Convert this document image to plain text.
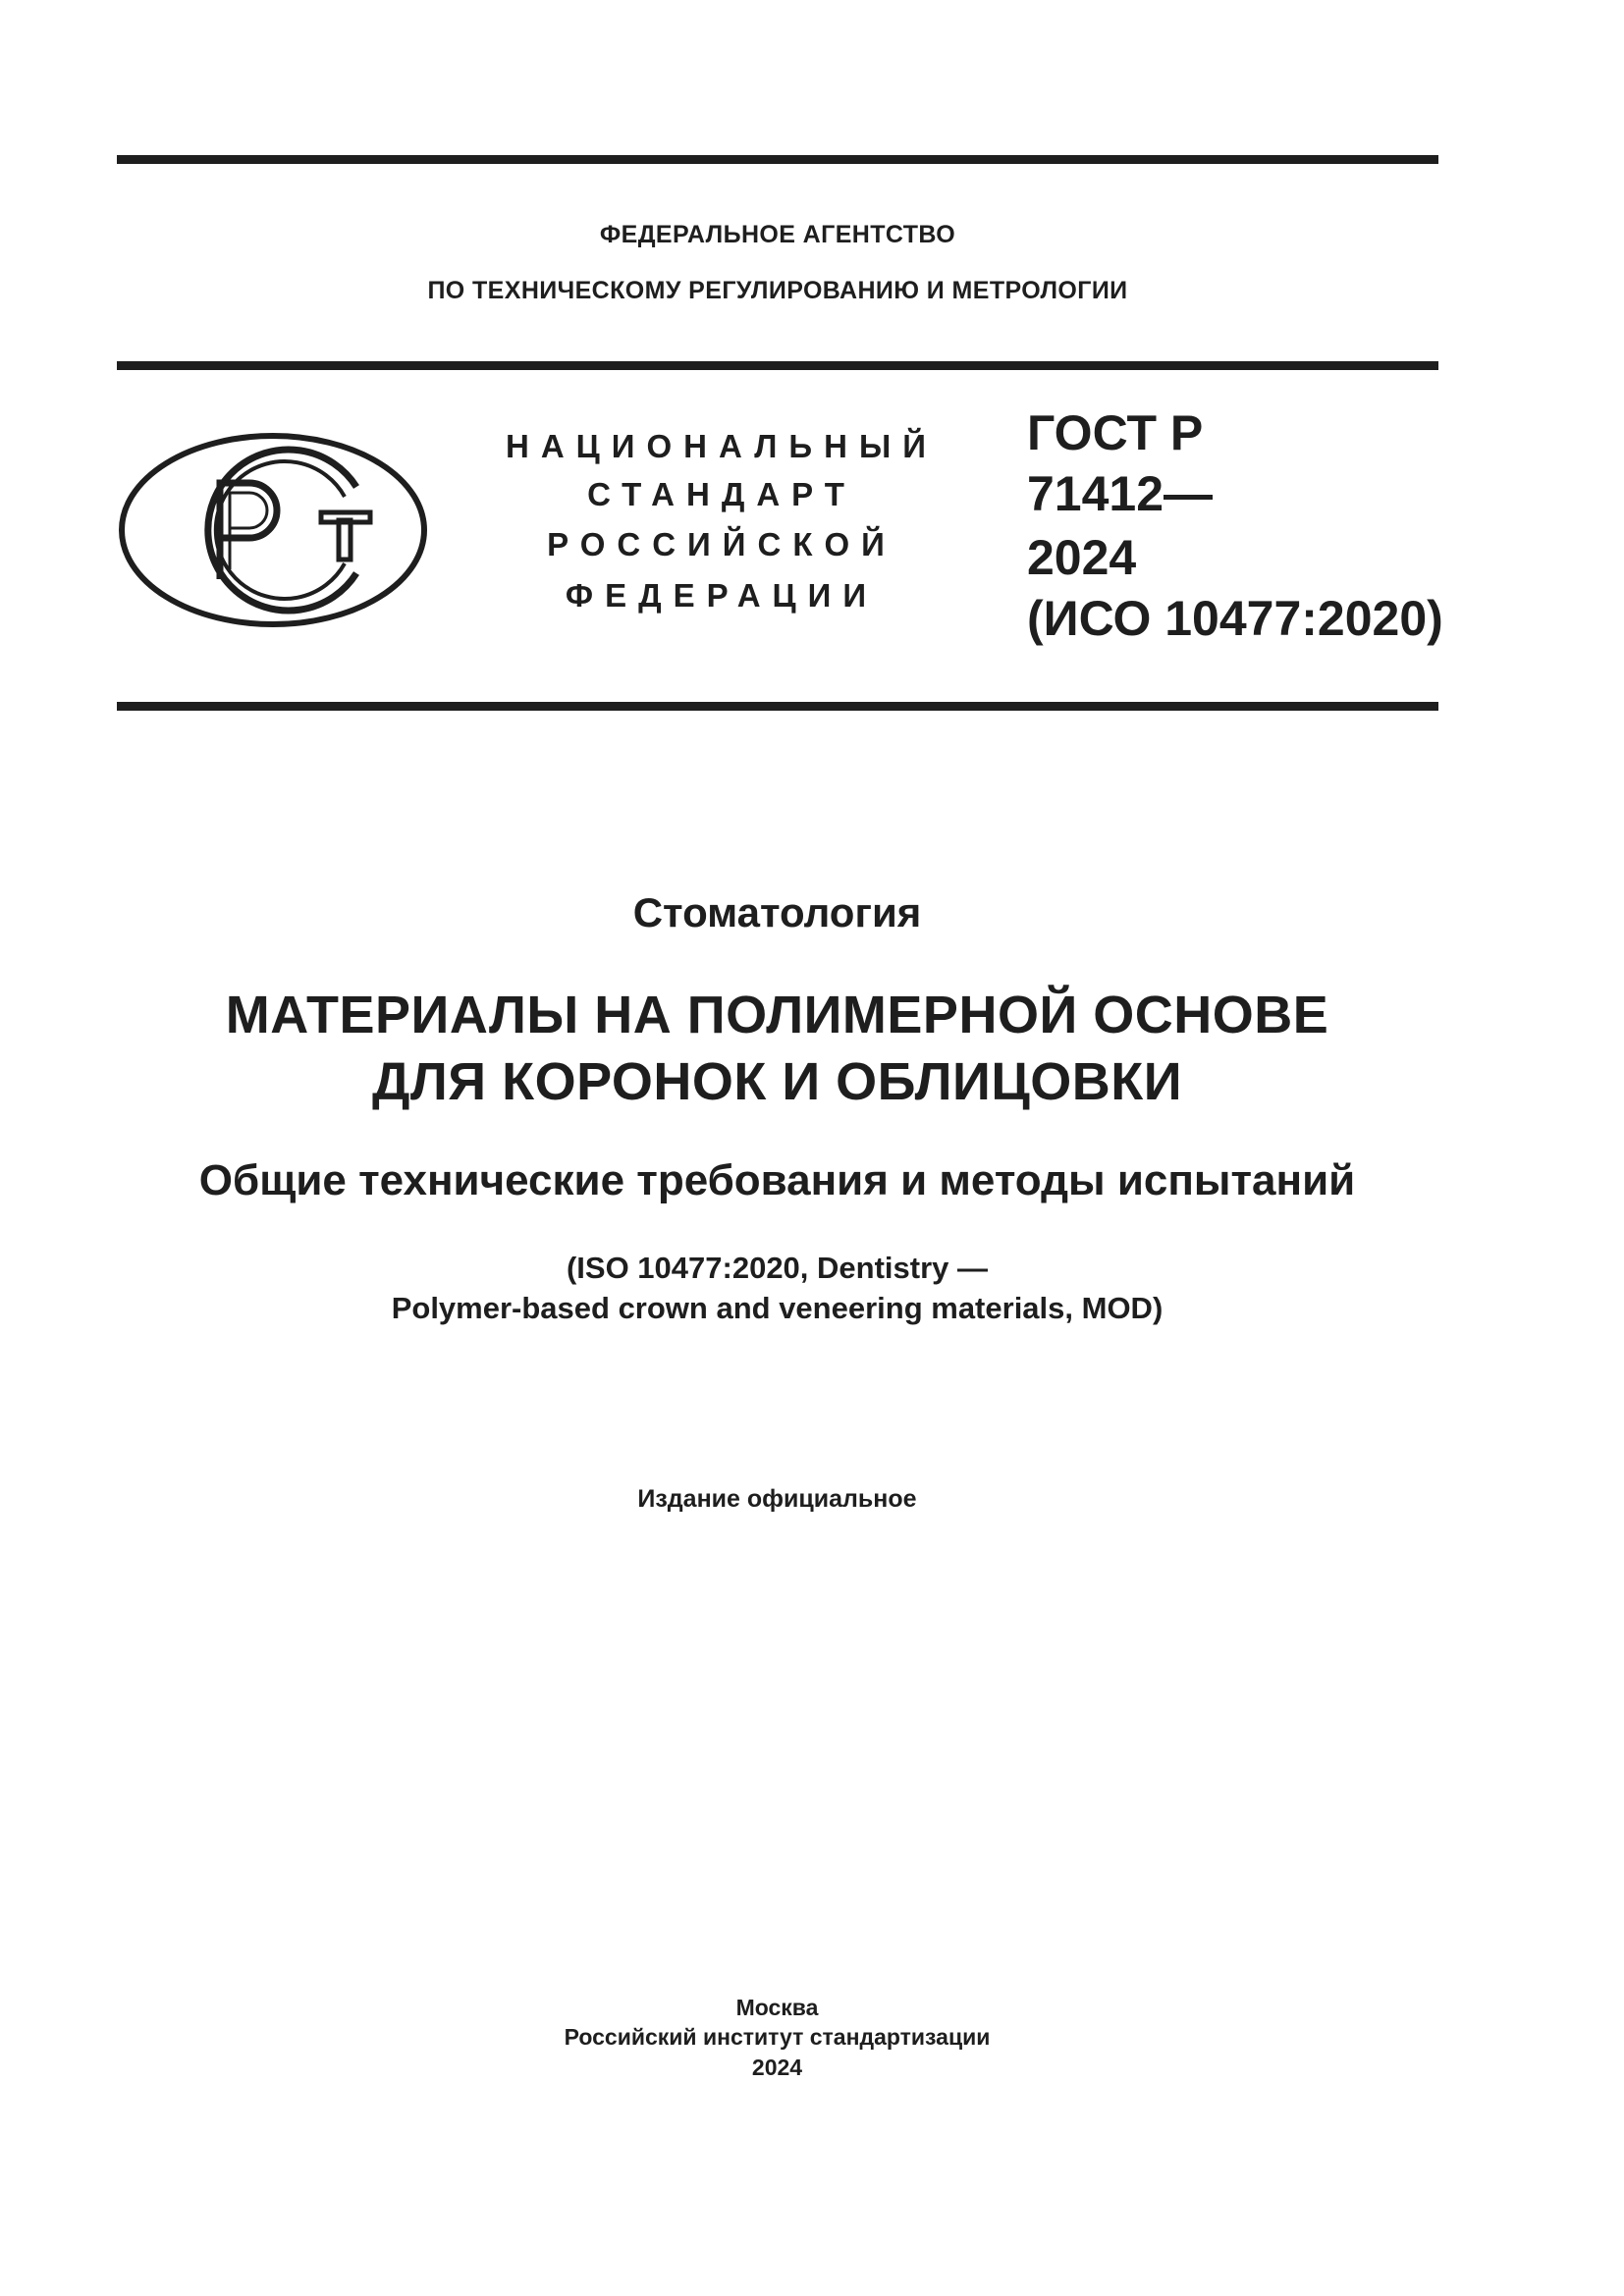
ФЕДЕРАЛЬНОЕ АГЕНТСТВО
ПО ТЕХНИЧЕСКОМУ РЕГУЛИРОВАНИЮ И МЕТРОЛОГИИ
НАЦИОНАЛЬНЫЙ
СТАНДАРТ
РОССИЙСКОЙ
ФЕДЕРАЦИИ
ГОСТ Р
71412—
2024
(ИСО 10477:2020)
Стоматология
МАТЕРИАЛЫ НА ПОЛИМЕРНОЙ ОСНОВЕ
ДЛЯ КОРОНОК И ОБЛИЦОВКИ
Общие технические требования и методы испытаний
(ISO 10477:2020, Dentistry —
Polymer-based crown and veneering materials, MOD)
Издание официальное
Москва
Российский институт стандартизации
2024
